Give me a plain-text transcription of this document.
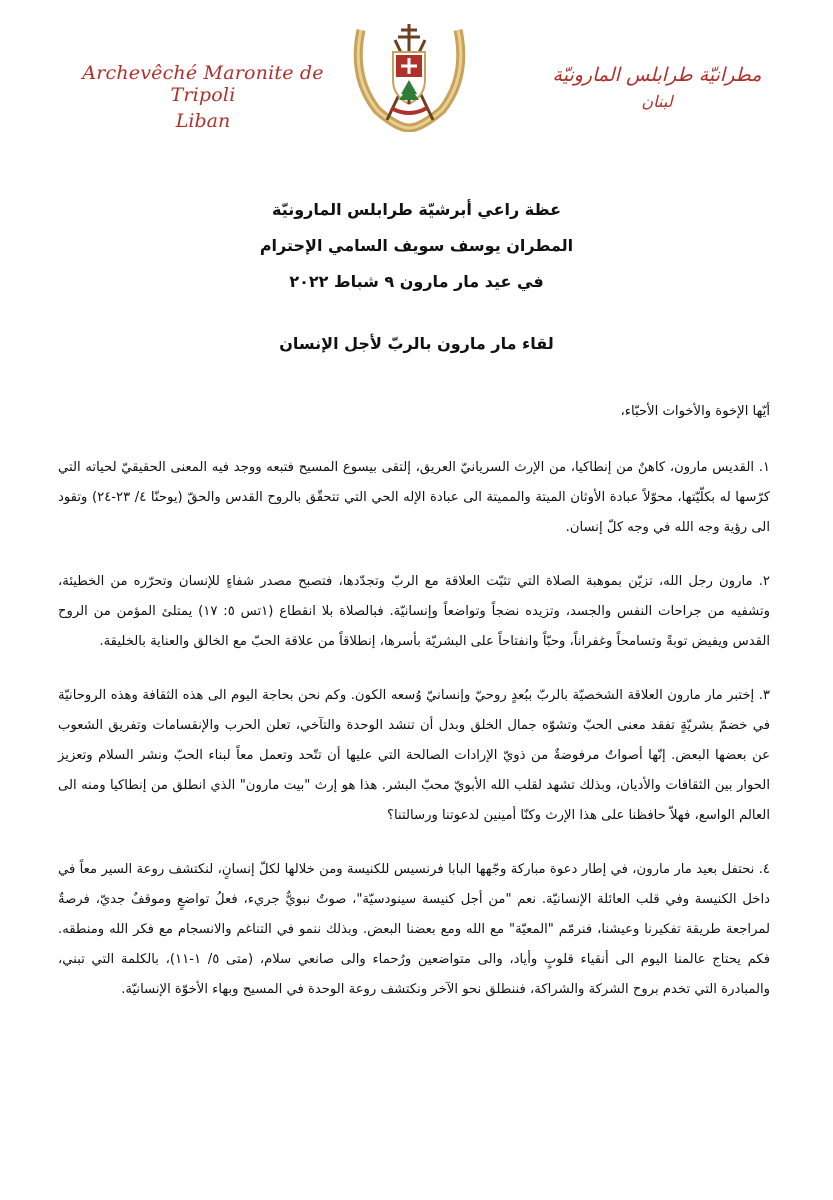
Archevêché Maronite de Tripoli
Liban
مطرانيّة طرابلس المارونيّة
لبنان
عظة راعي أبرشيّة طرابلس المارونيّة
المطران يوسف سويف السامي الإحترام
في عيد مار مارون ٩ شباط ٢٠٢٢
لقاء مار مارون بالربّ لأجل الإنسان

أيّها الإخوة والأخوات الأحبّاء،

١. القديس مارون، كاهنٌ من إنطاكيا، من الإرث السريانيّ العريق، إلتقى بيسوع المسيح فتبعه ووجد فيه المعنى الحقيقيّ لحياته التي كرّسها له بكلّيّتها، محوّلاً عبادة الأوثان الميتة والمميتة الى عبادة الإله الحي التي تتحقّق بالروح القدس والحقّ (يوحنّا ٤/ ٢٣-٢٤) وتقود الى رؤية وجه الله في وجه كلّ إنسان.

٢. مارون رجل الله، تزيّن بموهبة الصلاة التي تثبّت العلاقة مع الربّ وتجدّدها، فتصبح مصدر شفاءٍ للإنسان وتحرّره من الخطيئة، وتشفيه من جراحات النفس والجسد، وتزيده نضجاً وتواضعاً وإنسانيّة. فبالصلاة بلا انقطاع (١تس ٥: ١٧) يمتلئ المؤمن من الروح القدس ويفيض توبةً وتسامحاً وغفراناً، وحبّاً وانفتاحاً على البشريّة بأسرها، إنطلاقاً من علاقة الحبّ مع الخالق والعناية بالخليقة.

٣. إختبر مار مارون العلاقة الشخصيّة بالربّ ببُعدٍ روحيّ وإنسانيّ وُسعه الكون. وكم نحن بحاجة اليوم الى هذه الثقافة وهذه الروحانيّة في خضمّ بشريّةٍ تفقد معنى الحبّ وتشوّه جمال الخلق وبدل أن تنشد الوحدة والتآخي، تعلن الحرب والإنقسامات وتفريق الشعوب عن بعضها البعض. إنّها أصواتٌ مرفوضةٌ من ذويّ الإرادات الصالحة التي عليها أن تتّحد وتعمل معاً لبناء الحبّ ونشر السلام وتعزيز الحوار بين الثقافات والأديان، وبذلك تشهد لقلب الله الأبويّ محبّ البشر. هذا هو إرث "بيت مارون" الذي انطلق من إنطاكيا ومنه الى العالم الواسع، فهلاّ حافظنا على هذا الإرث وكنّا أمينين لدعوتنا ورسالتنا؟

٤. نحتفل بعيد مار مارون، في إطار دعوة مباركة وجّهها البابا فرنسيس للكنيسة ومن خلالها لكلّ إنسانٍ، لنكتشف روعة السير معاً في داخل الكنيسة وفي قلب العائلة الإنسانيّة. نعم "من أجل كنيسة سينودسيّة"، صوتٌ نبويٌّ جريء، فعلُ تواضعٍ وموقفٌ جديّ، فرصةٌ لمراجعة طريقة تفكيرنا وعيشنا، فنرمّم "المعيّة" مع الله ومع بعضنا البعض. وبذلك ننمو في التناغم والانسجام مع فكر الله ومنطقه. فكم يحتاج عالمنا اليوم الى أنقياء قلوبٍ وأياد، والى متواضعين ورُحماء والى صانعي سلام، (متى ٥/ ١-١١)، بالكلمة التي تبني، والمبادرة التي تخدم بروح الشركة والشراكة، فننطلق نحو الآخر ونكتشف روعة الوحدة في المسيح وبهاء الأخوّة الإنسانيّة.
